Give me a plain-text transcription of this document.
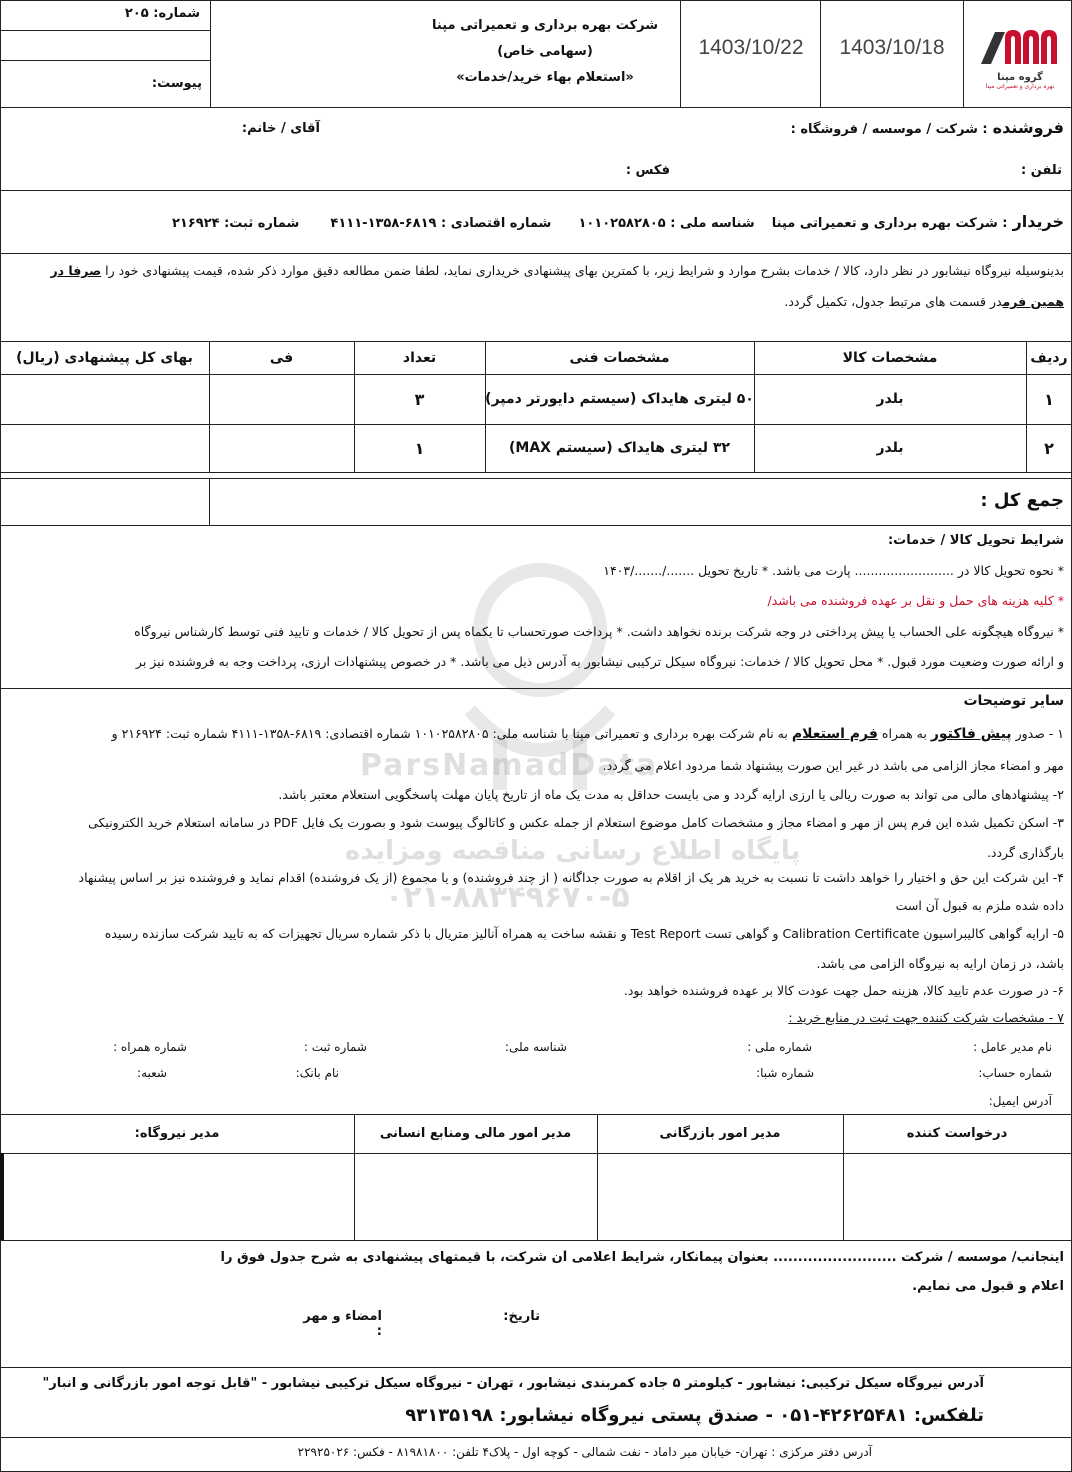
ParsNamadData
پایگاه اطلاع رسانی مناقصه ومزایده
۰۲۱-۸۸۳۴۹۶۷۰-۵
شماره: ۲۰۵
پیوست:
شرکت بهره برداری و تعمیراتی مپنا
(سهامی خاص)
«استعلام بهاء خرید/خدمات»
1403/10/22	1403/10/18
گروه مپنا
بهره برداری و تعمیراتی مپنا
فروشنده : شرکت / موسسه / فروشگاه :
آقای / خانم:
تلفن :
فکس :
خریدار : شرکت بهره برداری و تعمیراتی مپنا شناسه ملی : ۱۰۱۰۲۵۸۲۸۰۵ شماره اقتصادی : ۶۸۱۹-۱۳۵۸-۴۱۱۱ شماره ثبت: ۲۱۶۹۲۴
بدینوسیله نیروگاه نیشابور در نظر دارد، کالا / خدمات بشرح موارد و شرایط زیر، با کمترین بهای پیشنهادی خریداری نماید، لطفا ضمن مطالعه دقیق موارد ذکر شده، قیمت پیشنهادی خود را صرفا در
همین فرمدر قسمت های مرتبط جدول، تکمیل گردد.
ردیف
مشخصات کالا
مشخصات فنی
تعداد
فی
بهای کل پیشنهادی (ریال)
۱
بلدر
۵۰ لیتری هایداک (سیستم دایورتر دمپر)
۳
۲
بلدر
۳۲ لیتری هایداک (سیستم MAX)
۱
جمع کل :
شرایط تحویل کالا / خدمات:
* نحوه تحویل کالا در ......................... پارت می باشد. * تاریخ تحویل ......./......./۱۴۰۳
* کلیه هزینه های حمل و نقل بر عهده فروشنده می باشد/
* نیروگاه هیچگونه علی الحساب یا پیش پرداختی در وجه شرکت برنده نخواهد داشت. * پرداخت صورتحساب تا یکماه پس از تحویل کالا / خدمات و تایید فنی توسط کارشناس نیروگاه
و ارائه صورت وضعیت مورد قبول. * محل تحویل کالا / خدمات: نیروگاه سیکل ترکیبی نیشابور به آدرس ذیل می باشد. * در خصوص پیشنهادات ارزی، پرداخت وجه به فروشنده نیز بر
سایر توضیحات
۱ - صدور پیش فاکتور به همراه فرم استعلام به نام شرکت بهره برداری و تعمیراتی مپنا با شناسه ملی: ۱۰۱۰۲۵۸۲۸۰۵ شماره اقتصادی: ۶۸۱۹-۱۳۵۸-۴۱۱۱ شماره ثبت: ۲۱۶۹۲۴ و
مهر و امضاء مجاز الزامی می باشد در غیر این صورت پیشنهاد شما مردود اعلام می گردد.
۲- پیشنهادهای مالی می تواند به صورت ریالی یا ارزی ارایه گردد و می بایست حداقل به مدت یک ماه از تاریخ پایان مهلت پاسخگویی استعلام معتبر باشد.
۳- اسکن تکمیل شده این فرم پس از مهر و امضاء مجاز و مشخصات کامل موضوع استعلام از جمله عکس و کاتالوگ پیوست شود و بصورت یک فایل PDF در سامانه استعلام خرید الکترونیکی
بارگذاری گردد.
۴- این شرکت این حق و اختیار را خواهد داشت تا نسبت به خرید هر یک از اقلام به صورت جداگانه ( از چند فروشنده) و یا مجموع (از یک فروشنده) اقدام نماید و فروشنده نیز بر اساس پیشنهاد
داده شده ملزم به قبول آن است
۵- ارایه گواهی کالیبراسیون Calibration Certificate و گواهی تست Test Report و نقشه ساخت به همراه آنالیز متریال با ذکر شماره سریال تجهیزات که به تایید شرکت سازنده رسیده
باشد، در زمان ارایه به نیروگاه الزامی می باشد.
۶- در صورت عدم تایید کالا، هزینه حمل جهت عودت کالا بر عهده فروشنده خواهد بود.
۷ - مشخصات شرکت کننده جهت ثبت در منابع خرید :
نام مدیر عامل :
شماره ملی :
شناسه ملی:
شماره ثبت :
شماره همراه :
شماره حساب:
شماره شبا:
نام بانک:
شعبه:
آدرس ایمیل:
درخواست کننده
مدیر امور بازرگانی
مدیر امور مالی ومنابع انسانی
مدیر نیروگاه:
اینجانب/ موسسه / شرکت ......................... بعنوان پیمانکار، شرایط اعلامی آن شرکت، با قیمتهای پیشنهادی به شرح جدول فوق را
اعلام و قبول می نمایم.
تاریخ:
امضاء و مهر :
آدرس نیروگاه سیکل ترکیبی: نیشابور - کیلومتر ۵ جاده کمربندی نیشابور ، تهران - نیروگاه سیکل ترکیبی نیشابور - "قابل توجه امور بازرگانی و انبار"
تلفکس: ۴۲۶۲۵۴۸۱-۰۵۱ - صندق پستی نیروگاه نیشابور: ۹۳۱۳۵۱۹۸
آدرس دفتر مرکزی : تهران- خیابان میر داماد - نفت شمالی - کوچه اول - پلاک۴ تلفن: ۸۱۹۸۱۸۰۰ - فکس: ۲۲۹۲۵۰۲۶
